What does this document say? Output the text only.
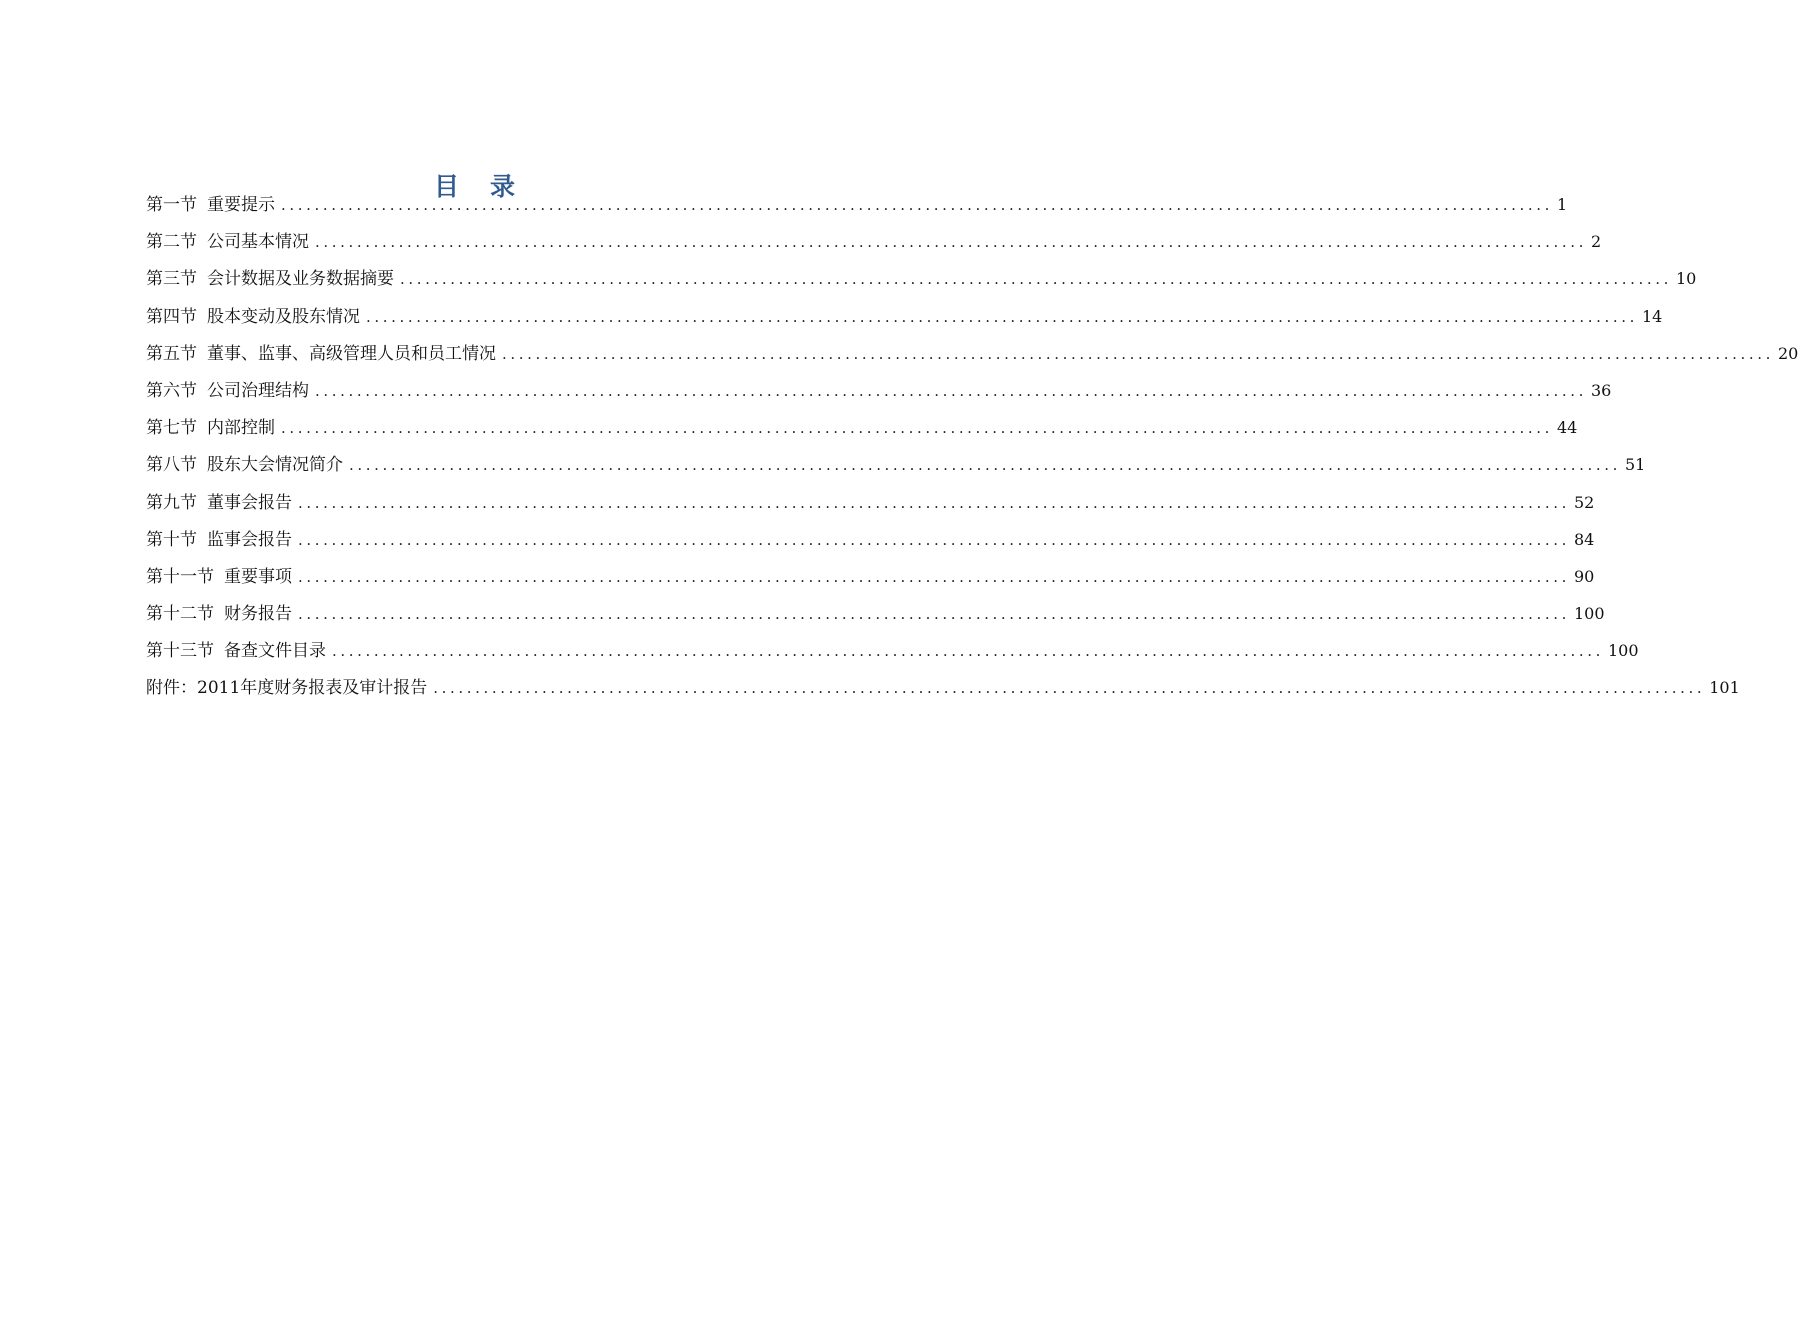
目 录
第一节 重要提示 ........................................................................................................................................................ 1
第二节 公司基本情况 ........................................................................................................................................................ 2
第三节 会计数据及业务数据摘要 ........................................................................................................................................................ 10
第四节 股本变动及股东情况 ........................................................................................................................................................ 14
第五节 董事、监事、高级管理人员和员工情况 ........................................................................................................................................................ 20
第六节 公司治理结构 ........................................................................................................................................................ 36
第七节 内部控制 ........................................................................................................................................................ 44
第八节 股东大会情况简介 ........................................................................................................................................................ 51
第九节 董事会报告 ........................................................................................................................................................ 52
第十节 监事会报告 ........................................................................................................................................................ 84
第十一节 重要事项 ........................................................................................................................................................ 90
第十二节 财务报告 ........................................................................................................................................................ 100
第十三节 备查文件目录 ........................................................................................................................................................ 100
附件： 2011年度财务报表及审计报告 ........................................................................................................................................................ 101
